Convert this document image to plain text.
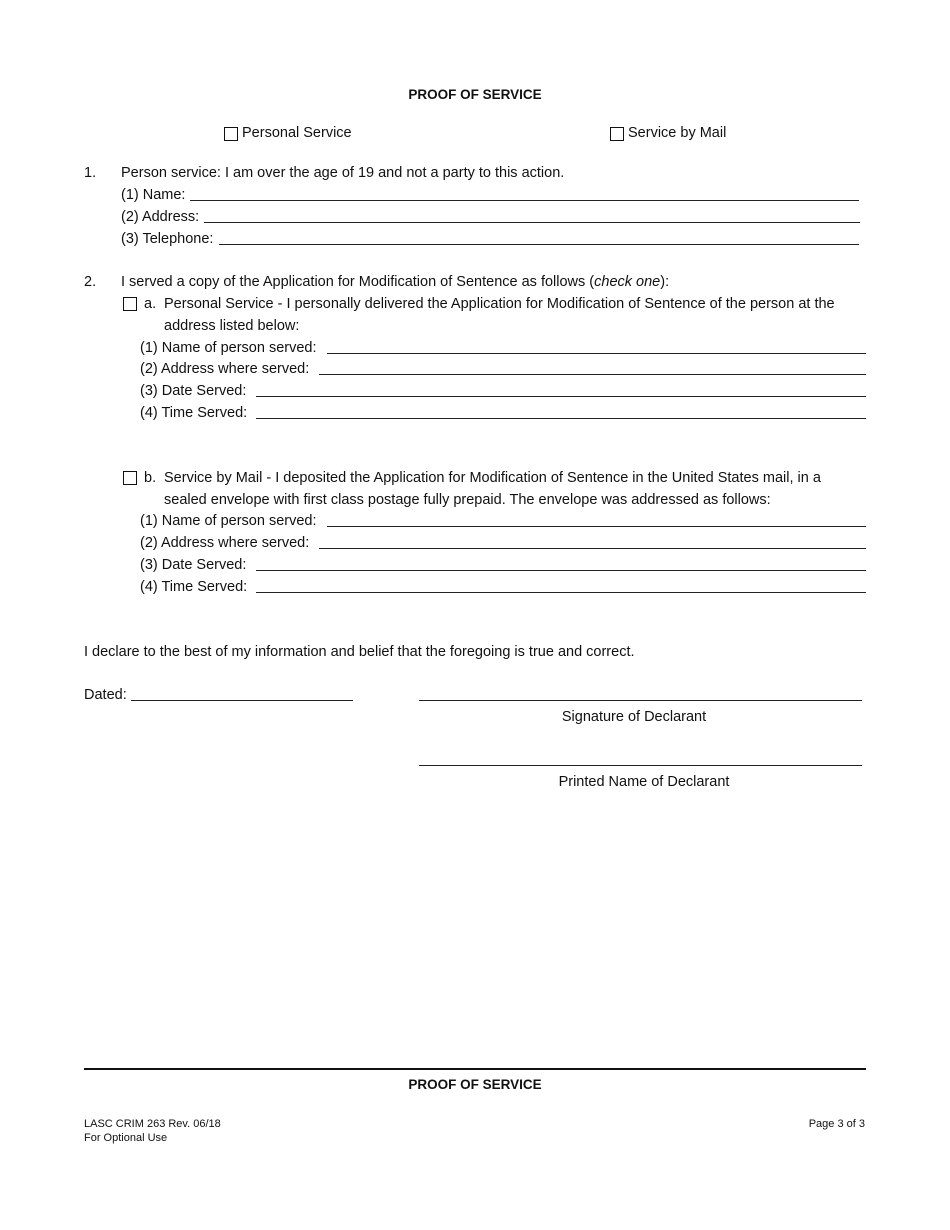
PROOF OF SERVICE
Personal Service	Service by Mail
1. Person service: I am over the age of 19 and not a party to this action.
(1) Name:
(2) Address:
(3) Telephone:
2. I served a copy of the Application for Modification of Sentence as follows (check one):
a. Personal Service - I personally delivered the Application for Modification of Sentence of the person at the
address listed below:
(1) Name of person served:
(2) Address where served:
(3) Date Served:
(4) Time Served:
b. Service by Mail - I deposited the Application for Modification of Sentence in the United States mail, in a
sealed envelope with first class postage fully prepaid. The envelope was addressed as follows:
(1) Name of person served:
(2) Address where served:
(3) Date Served:
(4) Time Served:
I declare to the best of my information and belief that the foregoing is true and correct.
Dated:
Signature of Declarant
Printed Name of Declarant
PROOF OF SERVICE
LASC CRIM 263 Rev. 06/18
For Optional Use
Page 3 of 3
